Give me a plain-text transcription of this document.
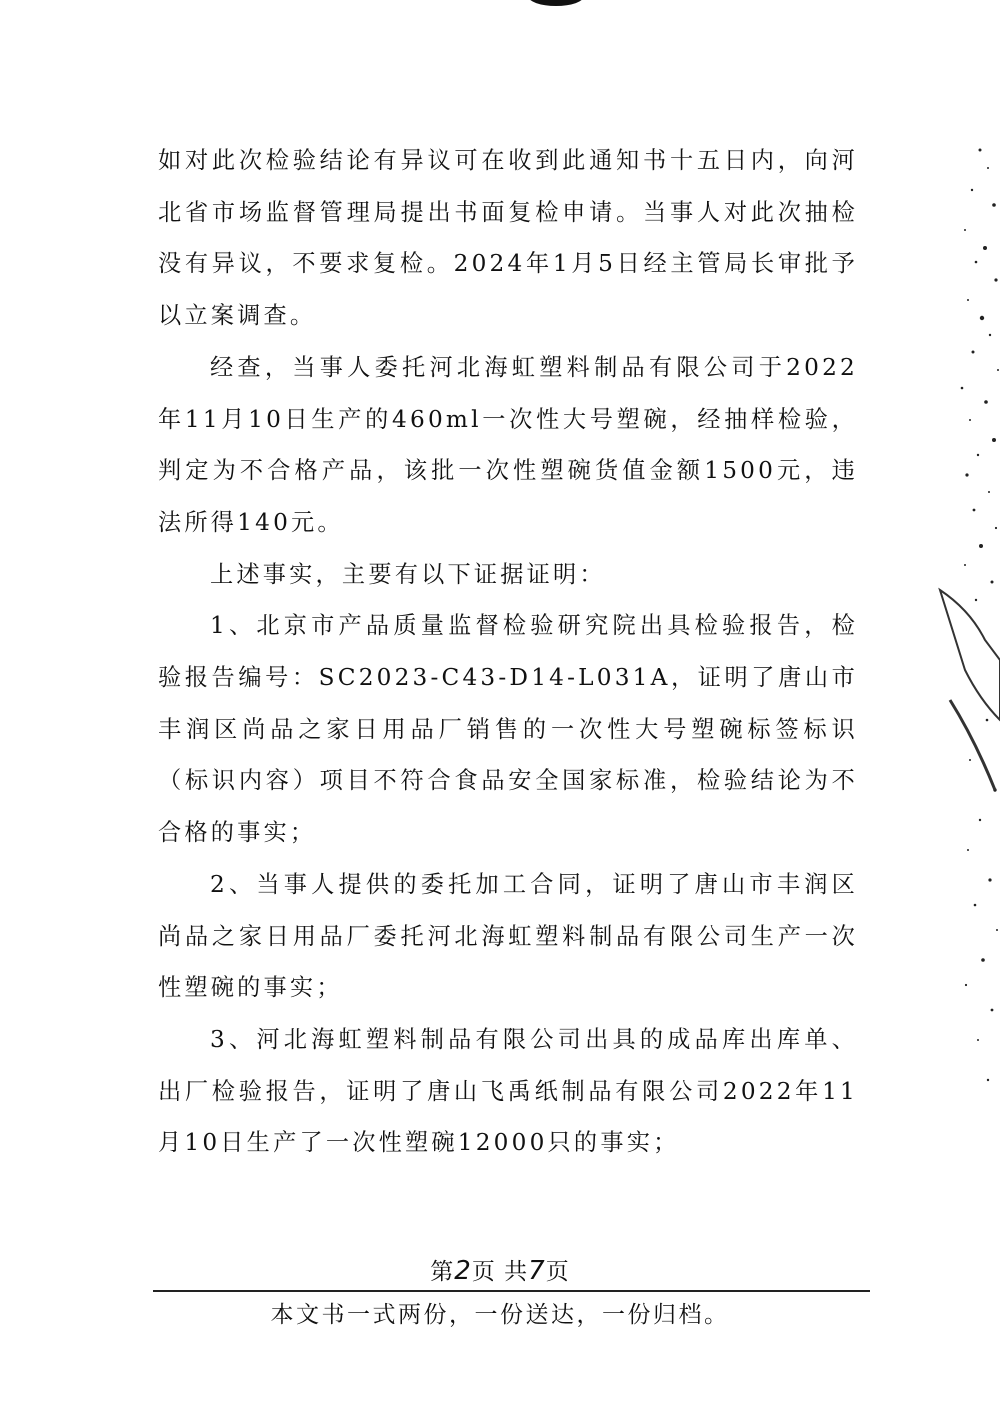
如对此次检验结论有异议可在收到此通知书十五日内，向河北省市场监督管理局提出书面复检申请。当事人对此次抽检没有异议，不要求复检。2024年1月5日经主管局长审批予以立案调查。

经查，当事人委托河北海虹塑料制品有限公司于2022年11月10日生产的460ml一次性大号塑碗，经抽样检验，判定为不合格产品，该批一次性塑碗货值金额1500元，违法所得140元。

上述事实，主要有以下证据证明：

1、北京市产品质量监督检验研究院出具检验报告，检验报告编号：SC2023-C43-D14-L031A，证明了唐山市丰润区尚品之家日用品厂销售的一次性大号塑碗标签标识（标识内容）项目不符合食品安全国家标准，检验结论为不合格的事实；

2、当事人提供的委托加工合同，证明了唐山市丰润区尚品之家日用品厂委托河北海虹塑料制品有限公司生产一次性塑碗的事实；

3、河北海虹塑料制品有限公司出具的成品库出库单、出厂检验报告，证明了唐山飞禹纸制品有限公司2022年11月10日生产了一次性塑碗12000只的事实；

第2页 共7页
本文书一式两份，一份送达，一份归档。
